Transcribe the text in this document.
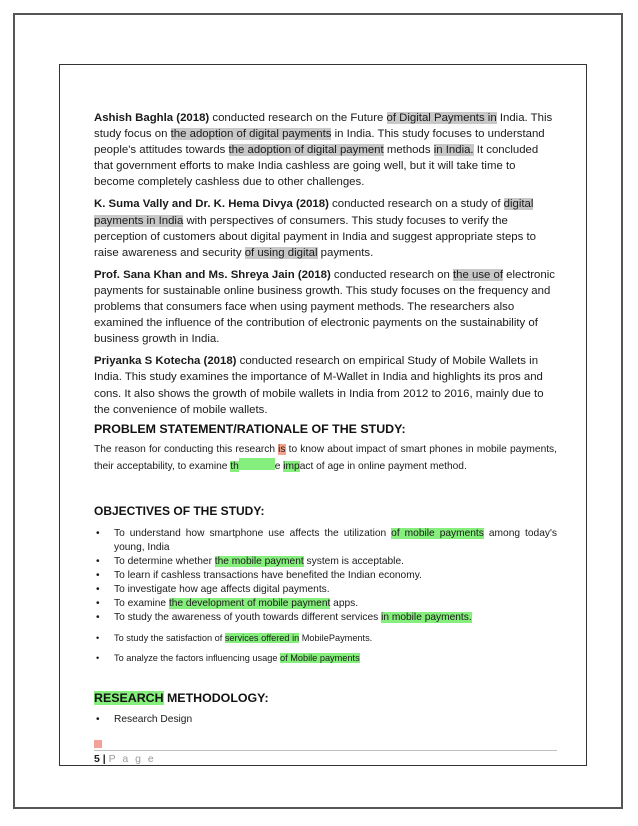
Ashish Baghla (2018) conducted research on the Future of Digital Payments in India. This study focus on the adoption of digital payments in India. This study focuses to understand people's attitudes towards the adoption of digital payment methods in India. It concluded that government efforts to make India cashless are going well, but it will take time to become completely cashless due to other challenges.

K. Suma Vally and Dr. K. Hema Divya (2018) conducted research on a study of digital payments in India with perspectives of consumers. This study focuses to verify the perception of customers about digital payment in India and suggest appropriate steps to raise awareness and security of using digital payments.

Prof. Sana Khan and Ms. Shreya Jain (2018) conducted research on the use of electronic payments for sustainable online business growth. This study focuses on the frequency and problems that consumers face when using payment methods. The researchers also examined the influence of the contribution of electronic payments on the sustainability of business growth in India.

Priyanka S Kotecha (2018) conducted research on empirical Study of Mobile Wallets in India. This study examines the importance of M-Wallet in India and highlights its pros and cons. It also shows the growth of mobile wallets in India from 2012 to 2016, mainly due to the convenience of mobile wallets.

PROBLEM STATEMENT/RATIONALE OF THE STUDY:

The reason for conducting this research is to know about impact of smart phones in mobile payments, their acceptability, to examine th	e impact of age in online payment method.

OBJECTIVES OF THE STUDY:
• To understand how smartphone use affects the utilization of mobile payments among today's young, India
• To determine whether the mobile payment system is acceptable.
• To learn if cashless transactions have benefited the Indian economy.
• To investigate how age affects digital payments.
• To examine the development of mobile payment apps.
• To study the awareness of youth towards different services in mobile payments.
• To study the satisfaction of services offered in MobilePayments.
• To analyze the factors influencing usage of Mobile payments
RESEARCH METHODOLOGY:
• Research Design
5 | P a g e
